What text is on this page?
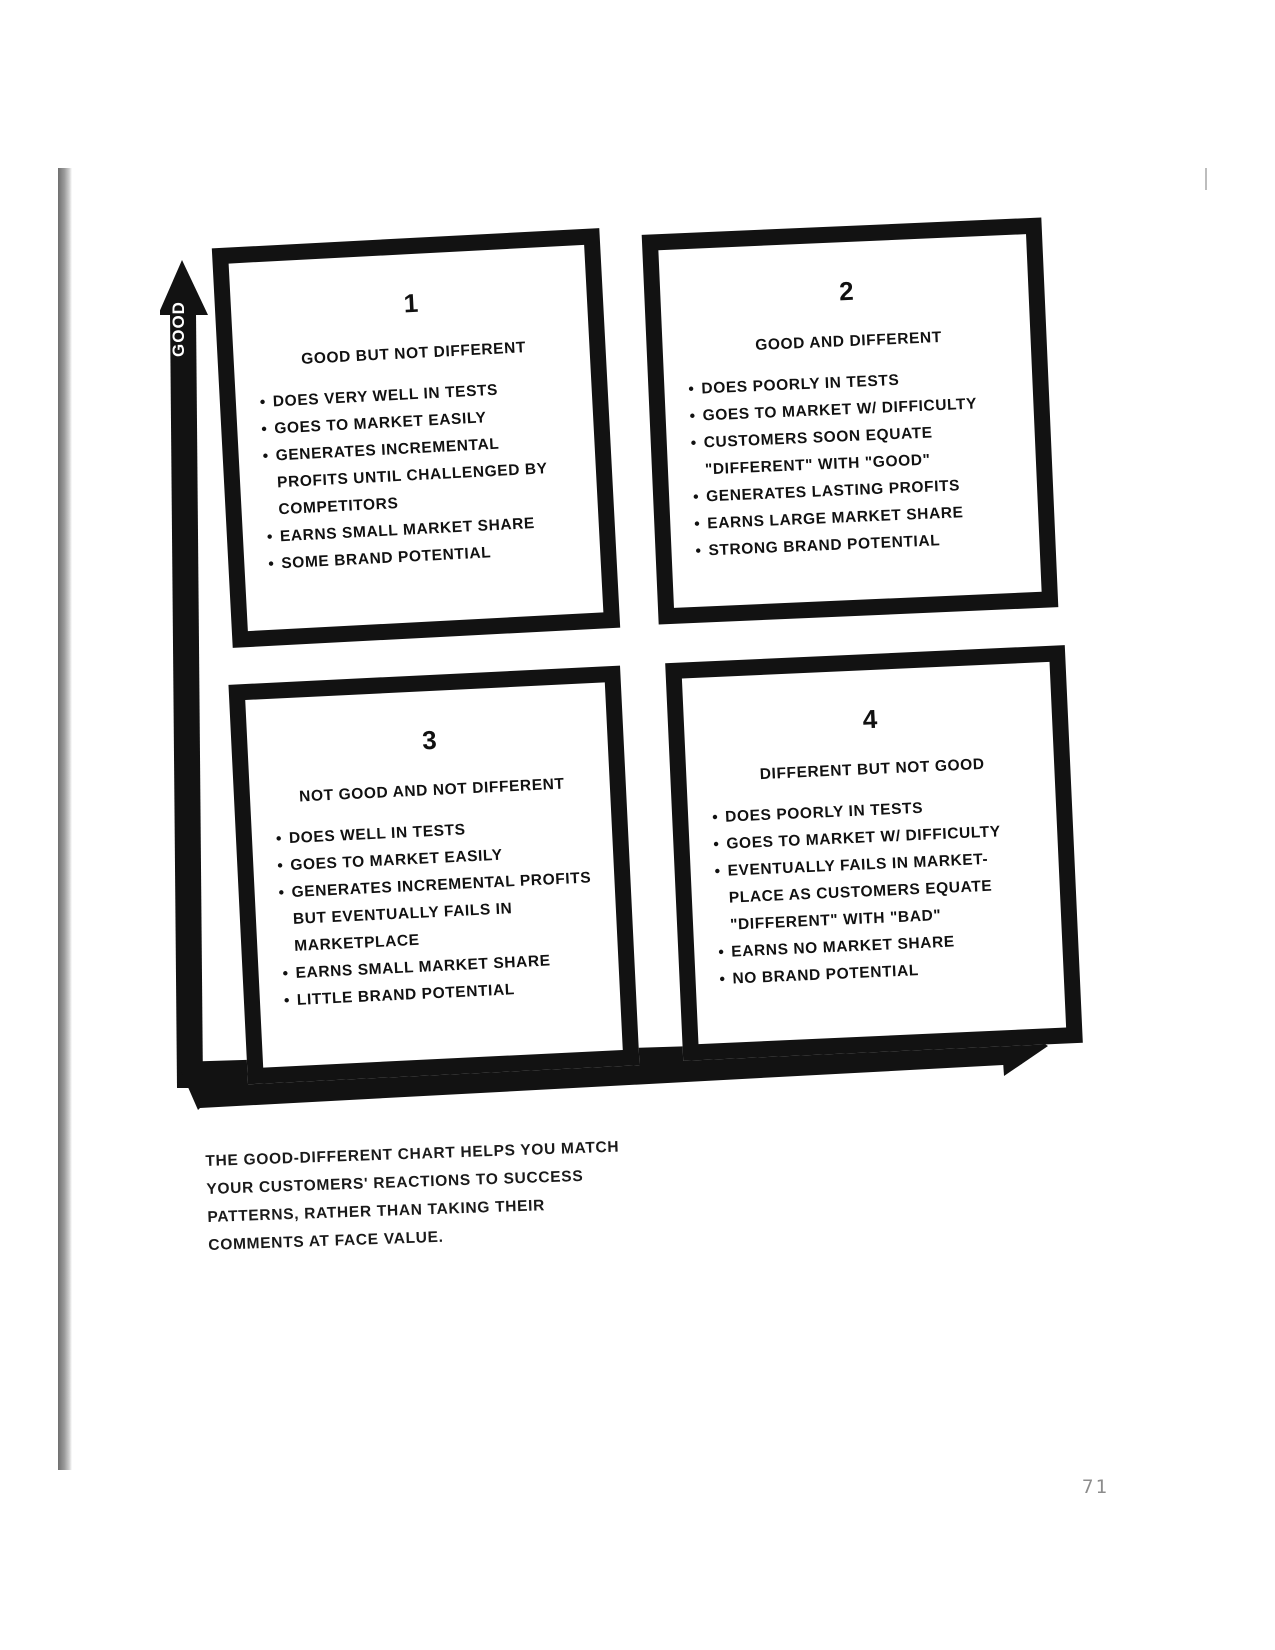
GOOD
DIFFERENT
1
GOOD BUT NOT DIFFERENT
• DOES VERY WELL IN TESTS
• GOES TO MARKET EASILY
• GENERATES INCREMENTAL PROFITS UNTIL CHALLENGED BY COMPETITORS
• EARNS SMALL MARKET SHARE
• SOME BRAND POTENTIAL
2
GOOD AND DIFFERENT
• DOES POORLY IN TESTS
• GOES TO MARKET W/ DIFFICULTY
• CUSTOMERS SOON EQUATE "DIFFERENT" WITH "GOOD"
• GENERATES LASTING PROFITS
• EARNS LARGE MARKET SHARE
• STRONG BRAND POTENTIAL
3
NOT GOOD AND NOT DIFFERENT
• DOES WELL IN TESTS
• GOES TO MARKET EASILY
• GENERATES INCREMENTAL PROFITS BUT EVENTUALLY FAILS IN MARKETPLACE
• EARNS SMALL MARKET SHARE
• LITTLE BRAND POTENTIAL
4
DIFFERENT BUT NOT GOOD
• DOES POORLY IN TESTS
• GOES TO MARKET W/ DIFFICULTY
• EVENTUALLY FAILS IN MARKET-PLACE AS CUSTOMERS EQUATE "DIFFERENT" WITH "BAD"
• EARNS NO MARKET SHARE
• NO BRAND POTENTIAL
THE GOOD-DIFFERENT CHART HELPS YOU MATCH YOUR CUSTOMERS' REACTIONS TO SUCCESS PATTERNS, RATHER THAN TAKING THEIR COMMENTS AT FACE VALUE.
71
